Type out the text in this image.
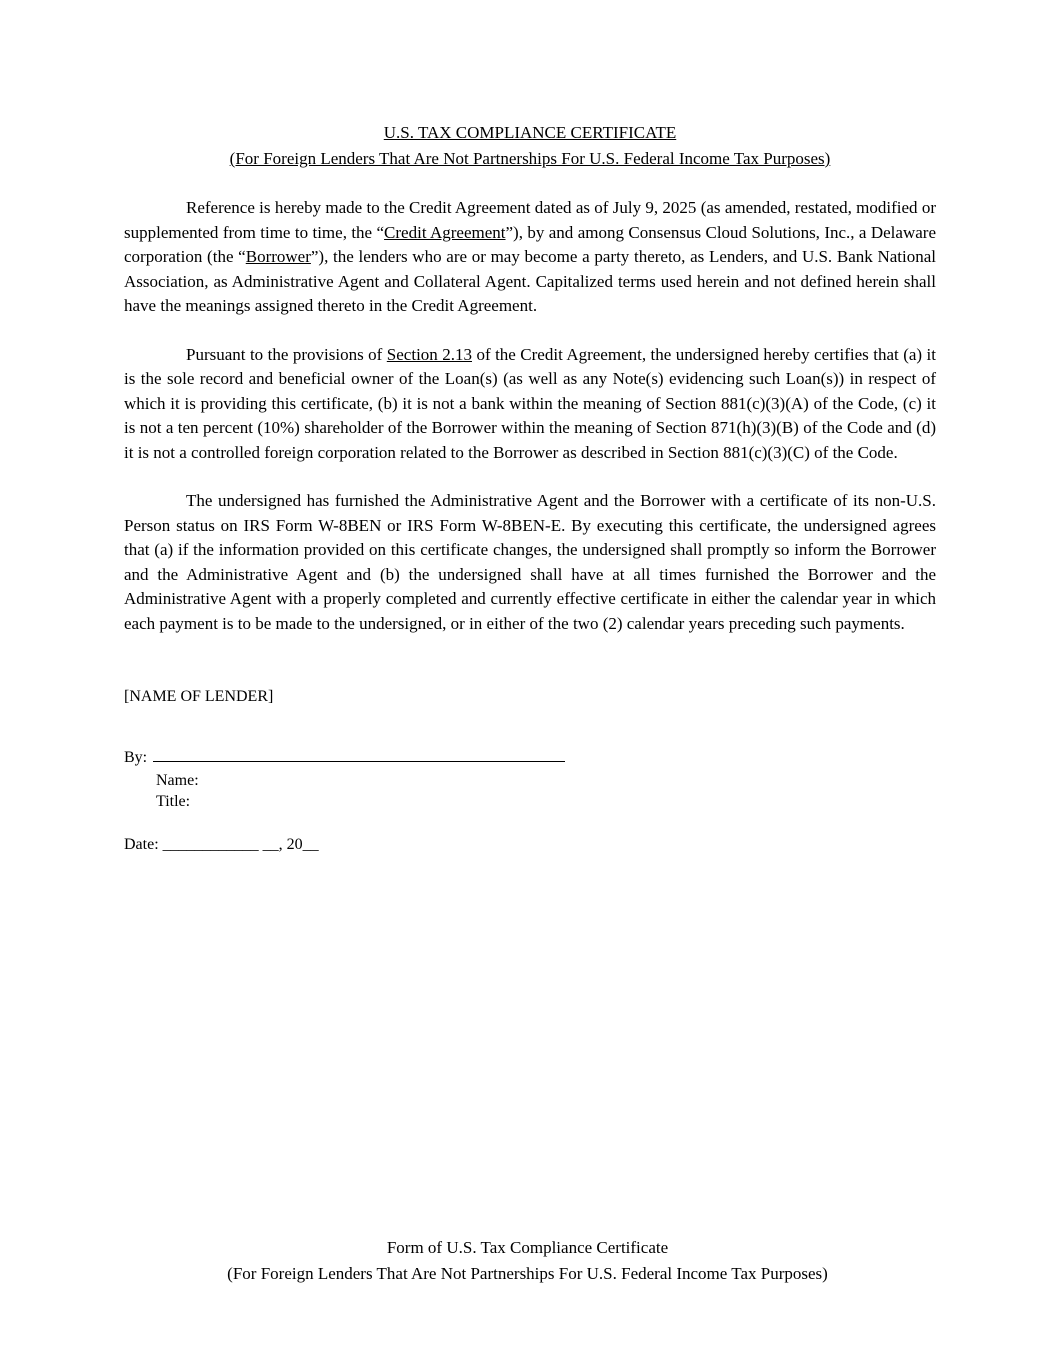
U.S. TAX COMPLIANCE CERTIFICATE
(For Foreign Lenders That Are Not Partnerships For U.S. Federal Income Tax Purposes)

Reference is hereby made to the Credit Agreement dated as of July 9, 2025 (as amended, restated, modified or supplemented from time to time, the “Credit Agreement”), by and among Consensus Cloud Solutions, Inc., a Delaware corporation (the “Borrower”), the lenders who are or may become a party thereto, as Lenders, and U.S. Bank National Association, as Administrative Agent and Collateral Agent. Capitalized terms used herein and not defined herein shall have the meanings assigned thereto in the Credit Agreement.

Pursuant to the provisions of Section 2.13 of the Credit Agreement, the undersigned hereby certifies that (a) it is the sole record and beneficial owner of the Loan(s) (as well as any Note(s) evidencing such Loan(s)) in respect of which it is providing this certificate, (b) it is not a bank within the meaning of Section 881(c)(3)(A) of the Code, (c) it is not a ten percent (10%) shareholder of the Borrower within the meaning of Section 871(h)(3)(B) of the Code and (d) it is not a controlled foreign corporation related to the Borrower as described in Section 881(c)(3)(C) of the Code.

The undersigned has furnished the Administrative Agent and the Borrower with a certificate of its non-U.S. Person status on IRS Form W-8BEN or IRS Form W-8BEN-E. By executing this certificate, the undersigned agrees that (a) if the information provided on this certificate changes, the undersigned shall promptly so inform the Borrower and the Administrative Agent and (b) the undersigned shall have at all times furnished the Borrower and the Administrative Agent with a properly completed and currently effective certificate in either the calendar year in which each payment is to be made to the undersigned, or in either of the two (2) calendar years preceding such payments.

[NAME OF LENDER]
By:
Name:
Title:
Date: ____________ __, 20__
Form of U.S. Tax Compliance Certificate
(For Foreign Lenders That Are Not Partnerships For U.S. Federal Income Tax Purposes)
